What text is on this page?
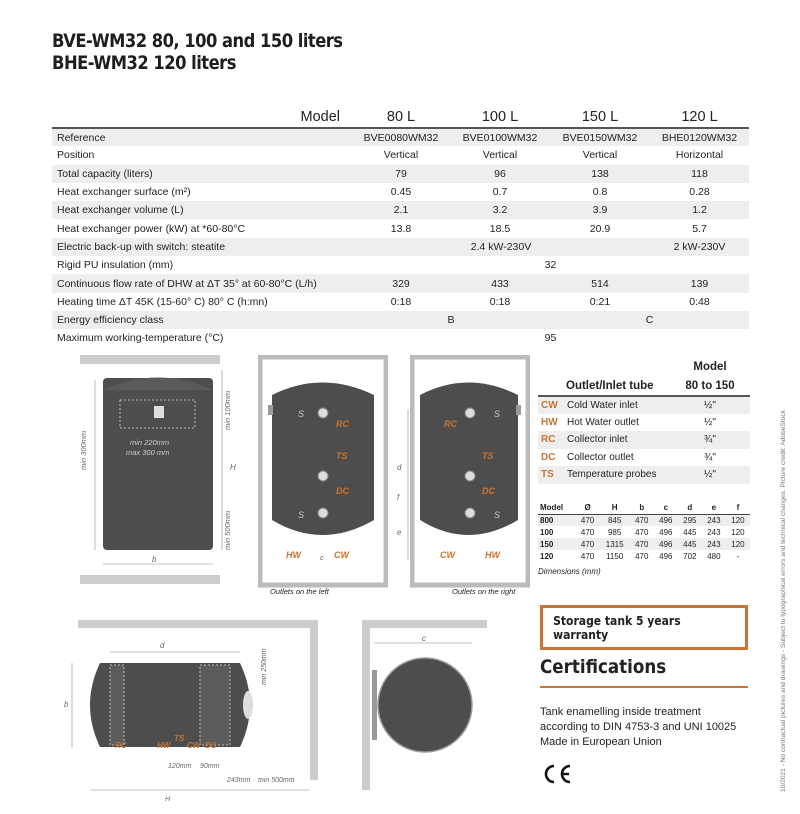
BVE-WM32 80, 100 and 150 liters
BHE-WM32 120 liters
Model	80 L	100 L	150 L	120 L
Reference	BVE0080WM32	BVE0100WM32	BVE0150WM32	BHE0120WM32
Position	Vertical	Vertical	Vertical	Horizontal
Total capacity (liters)	79	96	138	118
Heat exchanger surface (m²)	0.45	0.7	0.8	0.28
Heat exchanger volume (L)	2.1	3.2	3.9	1.2
Heat exchanger power (kW) at *60-80°C	13.8	18.5	20.9	5.7
Electric back-up with switch: steatite	2.4 kW-230V			2 kW-230V
Rigid PU insulation (mm)	32			
Continuous flow rate of DHW at ΔT 35° at 60-80°C (L/h)	329	433	514	139
Heating time ΔT 45K (15-60° C) 80° C (h:mn)	0:18	0:18	0:21	0:48
Energy efficiency class	B		C	
Maximum working-temperature (°C)	95			
min 300mm	min 220mm
max 300 mm
b
min 100mm
H
min 500mm
S
S
RC
TS
DC
HW	c CW
Outlets on the left
d
f
e
S
S
RC
TS
DC
CW	HW
Outlets on the right
		Model
Outlet/Inlet tube		80 to 150
CW	Cold Water inlet	½"
HW	Hot Water outlet	½"
RC	Collector inlet	¾"
DC	Collector outlet	¾"
TS	Temperature probes	½"
Model	Ø	H	b	c	d	e	f
800	470	845	470	496	295	243	120
100	470	985	470	496	445	243	120
150	470	1315	470	496	445	243	120
120	470	1150	470	496	702	480	-
Dimensions (mm)
d
b
min 250mm
RC	HW
TS
CW DC
120mm 90mm
243mm min 500mm
H
c
Storage tank 5 years warranty
Certifications
Tank enamelling inside treatment
according to DIN 4753-3 and UNI 10025
Made in European Union	10/2021 - No contractual pictures and drawings - Subject to typographical errors and technical changes. Picture credit: AdobeStock
